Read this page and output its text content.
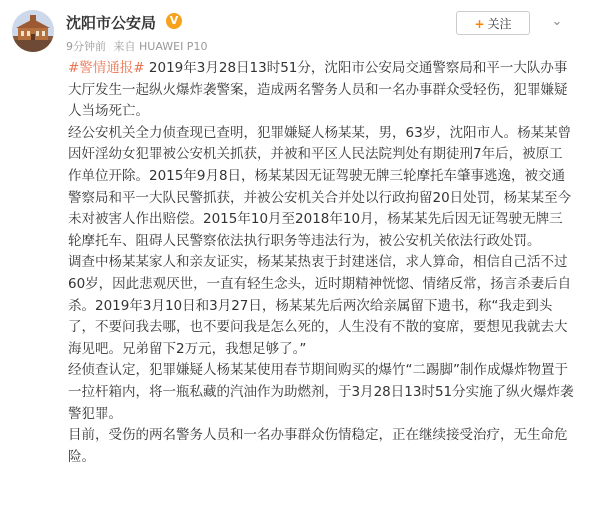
沈阳市公安局	V
9分钟前 来自 HUAWEI P10
+ 关注	⌄

#警情通报# 2019年3月28日13时51分，沈阳市公安局交通警察局和平一大队办事大厅发生一起纵火爆炸袭警案，造成两名警务人员和一名办事群众受轻伤，犯罪嫌疑人当场死亡。

经公安机关全力侦查现已查明，犯罪嫌疑人杨某某，男，63岁，沈阳市人。杨某某曾因奸淫幼女犯罪被公安机关抓获，并被和平区人民法院判处有期徒刑7年后，被原工作单位开除。2015年9月8日，杨某某因无证驾驶无牌三轮摩托车肇事逃逸，被交通警察局和平一大队民警抓获，并被公安机关合并处以行政拘留20日处罚，杨某某至今未对被害人作出赔偿。2015年10月至2018年10月，杨某某先后因无证驾驶无牌三轮摩托车、阻碍人民警察依法执行职务等违法行为，被公安机关依法行政处罚。

调查中杨某某家人和亲友证实，杨某某热衷于封建迷信，求人算命，相信自己活不过60岁，因此悲观厌世，一直有轻生念头，近时期精神恍惚、情绪反常，扬言杀妻后自杀。2019年3月10日和3月27日，杨某某先后两次给亲属留下遗书，称“我走到头了，不要问我去哪，也不要问我是怎么死的，人生没有不散的宴席，要想见我就去大海见吧。兄弟留下2万元，我想足够了。”

经侦查认定，犯罪嫌疑人杨某某使用春节期间购买的爆竹“二踢脚”制作成爆炸物置于一拉杆箱内，将一瓶私藏的汽油作为助燃剂，于3月28日13时51分实施了纵火爆炸袭警犯罪。

目前，受伤的两名警务人员和一名办事群众伤情稳定，正在继续接受治疗，无生命危险。
